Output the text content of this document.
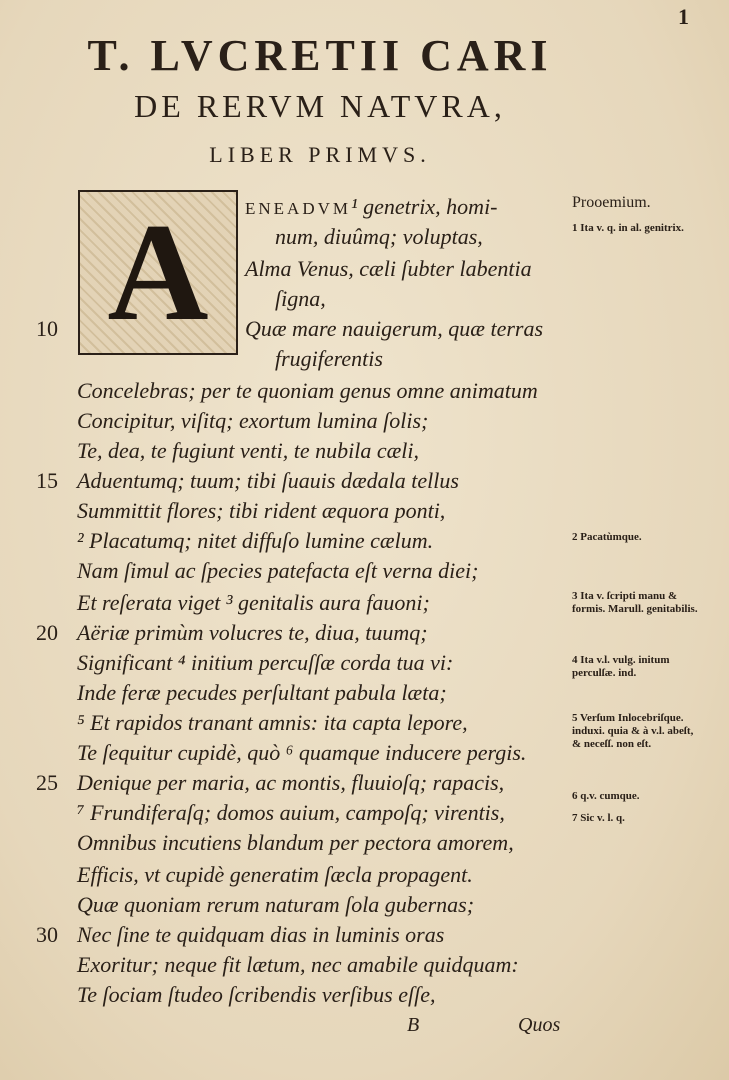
1
T. LVCRETII CARI
DE RERVM NATVRA,
LIBER PRIMVS.
A	ENEADVM¹ genetrix, homi-
num, diuûmq; voluptas,
Alma Venus, cæli ſubter labentia
ſigna,
10	Quæ mare nauigerum, quæ terras
frugiferentis
Concelebras; per te quoniam genus omne animatum
Concipitur, viſitq; exortum lumina ſolis;
Te, dea, te fugiunt venti, te nubila cæli,
15 Aduentumq; tuum; tibi ſuauis dædala tellus
Summittit flores; tibi rident æquora ponti,
² Placatumq; nitet diffuſo lumine cælum.
Nam ſimul ac ſpecies patefacta eſt verna diei;
Et reſerata viget ³ genitalis aura fauoni;
20 Aëriæ primùm volucres te, diua, tuumq;
Significant ⁴ initium percuſſæ corda tua vi:
Inde feræ pecudes perſultant pabula læta;
⁵ Et rapidos tranant amnis: ita capta lepore,
Te ſequitur cupidè, quò ⁶ quamque inducere pergis.
25 Denique per maria, ac montis, fluuioſq; rapacis,
⁷ Frundiferaſq; domos auium, campoſq; virentis,
Omnibus incutiens blandum per pectora amorem,
Efficis, vt cupidè generatim ſæcla propagent.
Quæ quoniam rerum naturam ſola gubernas;
30 Nec ſine te quidquam dias in luminis oras
Exoritur; neque fit lætum, nec amabile quidquam:
Te ſociam ſtudeo ſcribendis verſibus eſſe,
Prooemium.
1 Ita v. q. in al. genitrix.
2 Pacatùmque.
3 Ita v. ſcripti manu & formis. Marull. genitabilis.
4 Ita v.l. vulg. initum perculſæ. ind.
5 Verſum Inlocebriſque. induxi. quia & à v.l. abeſt, & neceſſ. non eſt.
6 q.v. cumque.
7 Sic v. l. q.
B	Quos
